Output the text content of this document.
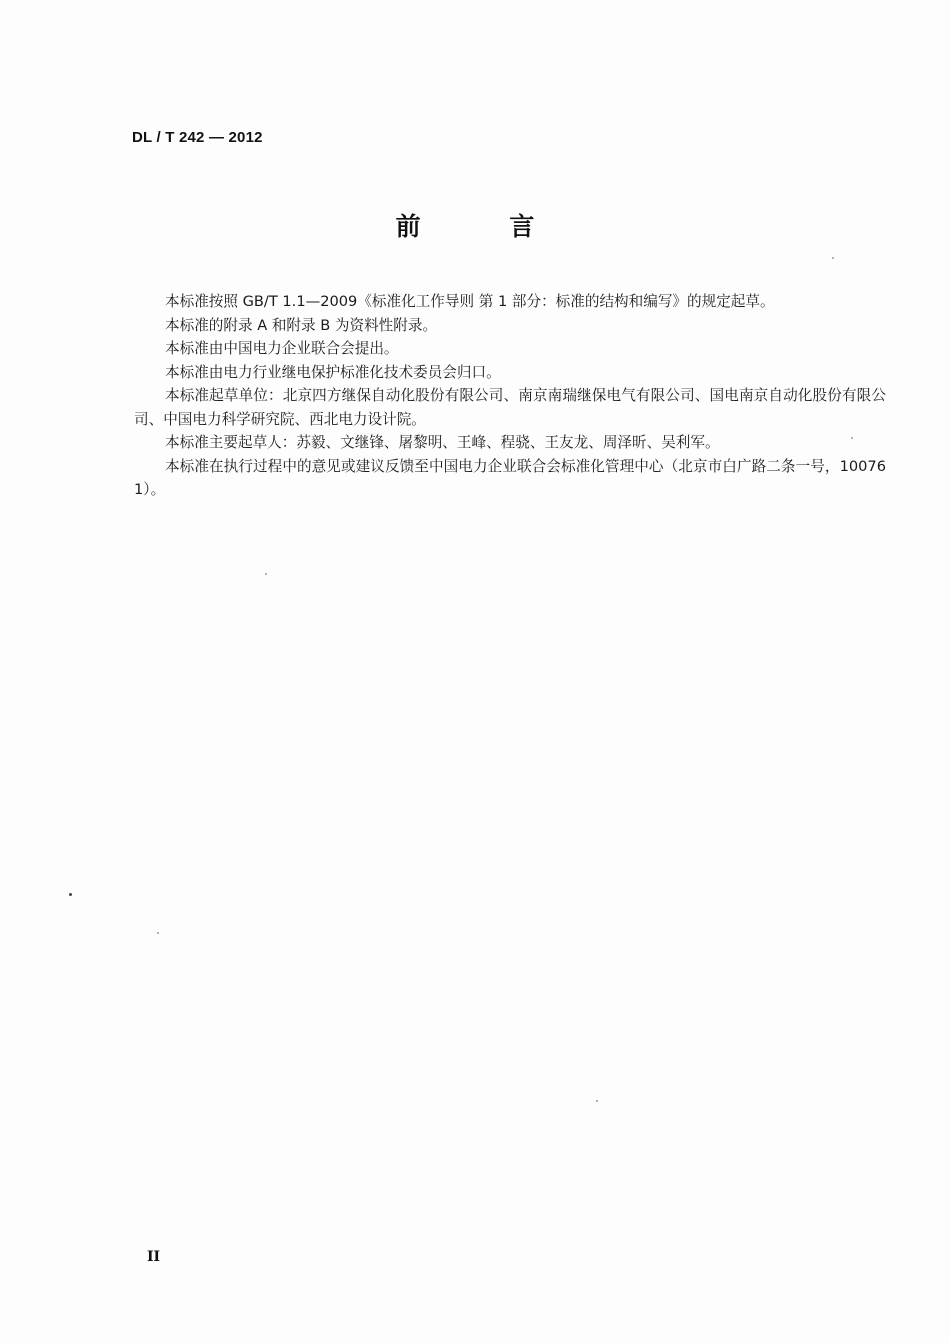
DL / T 242 — 2012
前 言

本标准按照 GB/T 1.1—2009《标准化工作导则 第 1 部分：标准的结构和编写》的规定起草。

本标准的附录 A 和附录 B 为资料性附录。

本标准由中国电力企业联合会提出。

本标准由电力行业继电保护标准化技术委员会归口。

本标准起草单位：北京四方继保自动化股份有限公司、南京南瑞继保电气有限公司、国电南京自动化股份有限公司、中国电力科学研究院、西北电力设计院。

本标准主要起草人：苏毅、文继锋、屠黎明、王峰、程骁、王友龙、周泽昕、吴利军。

本标准在执行过程中的意见或建议反馈至中国电力企业联合会标准化管理中心（北京市白广路二条一号，100761）。

II
